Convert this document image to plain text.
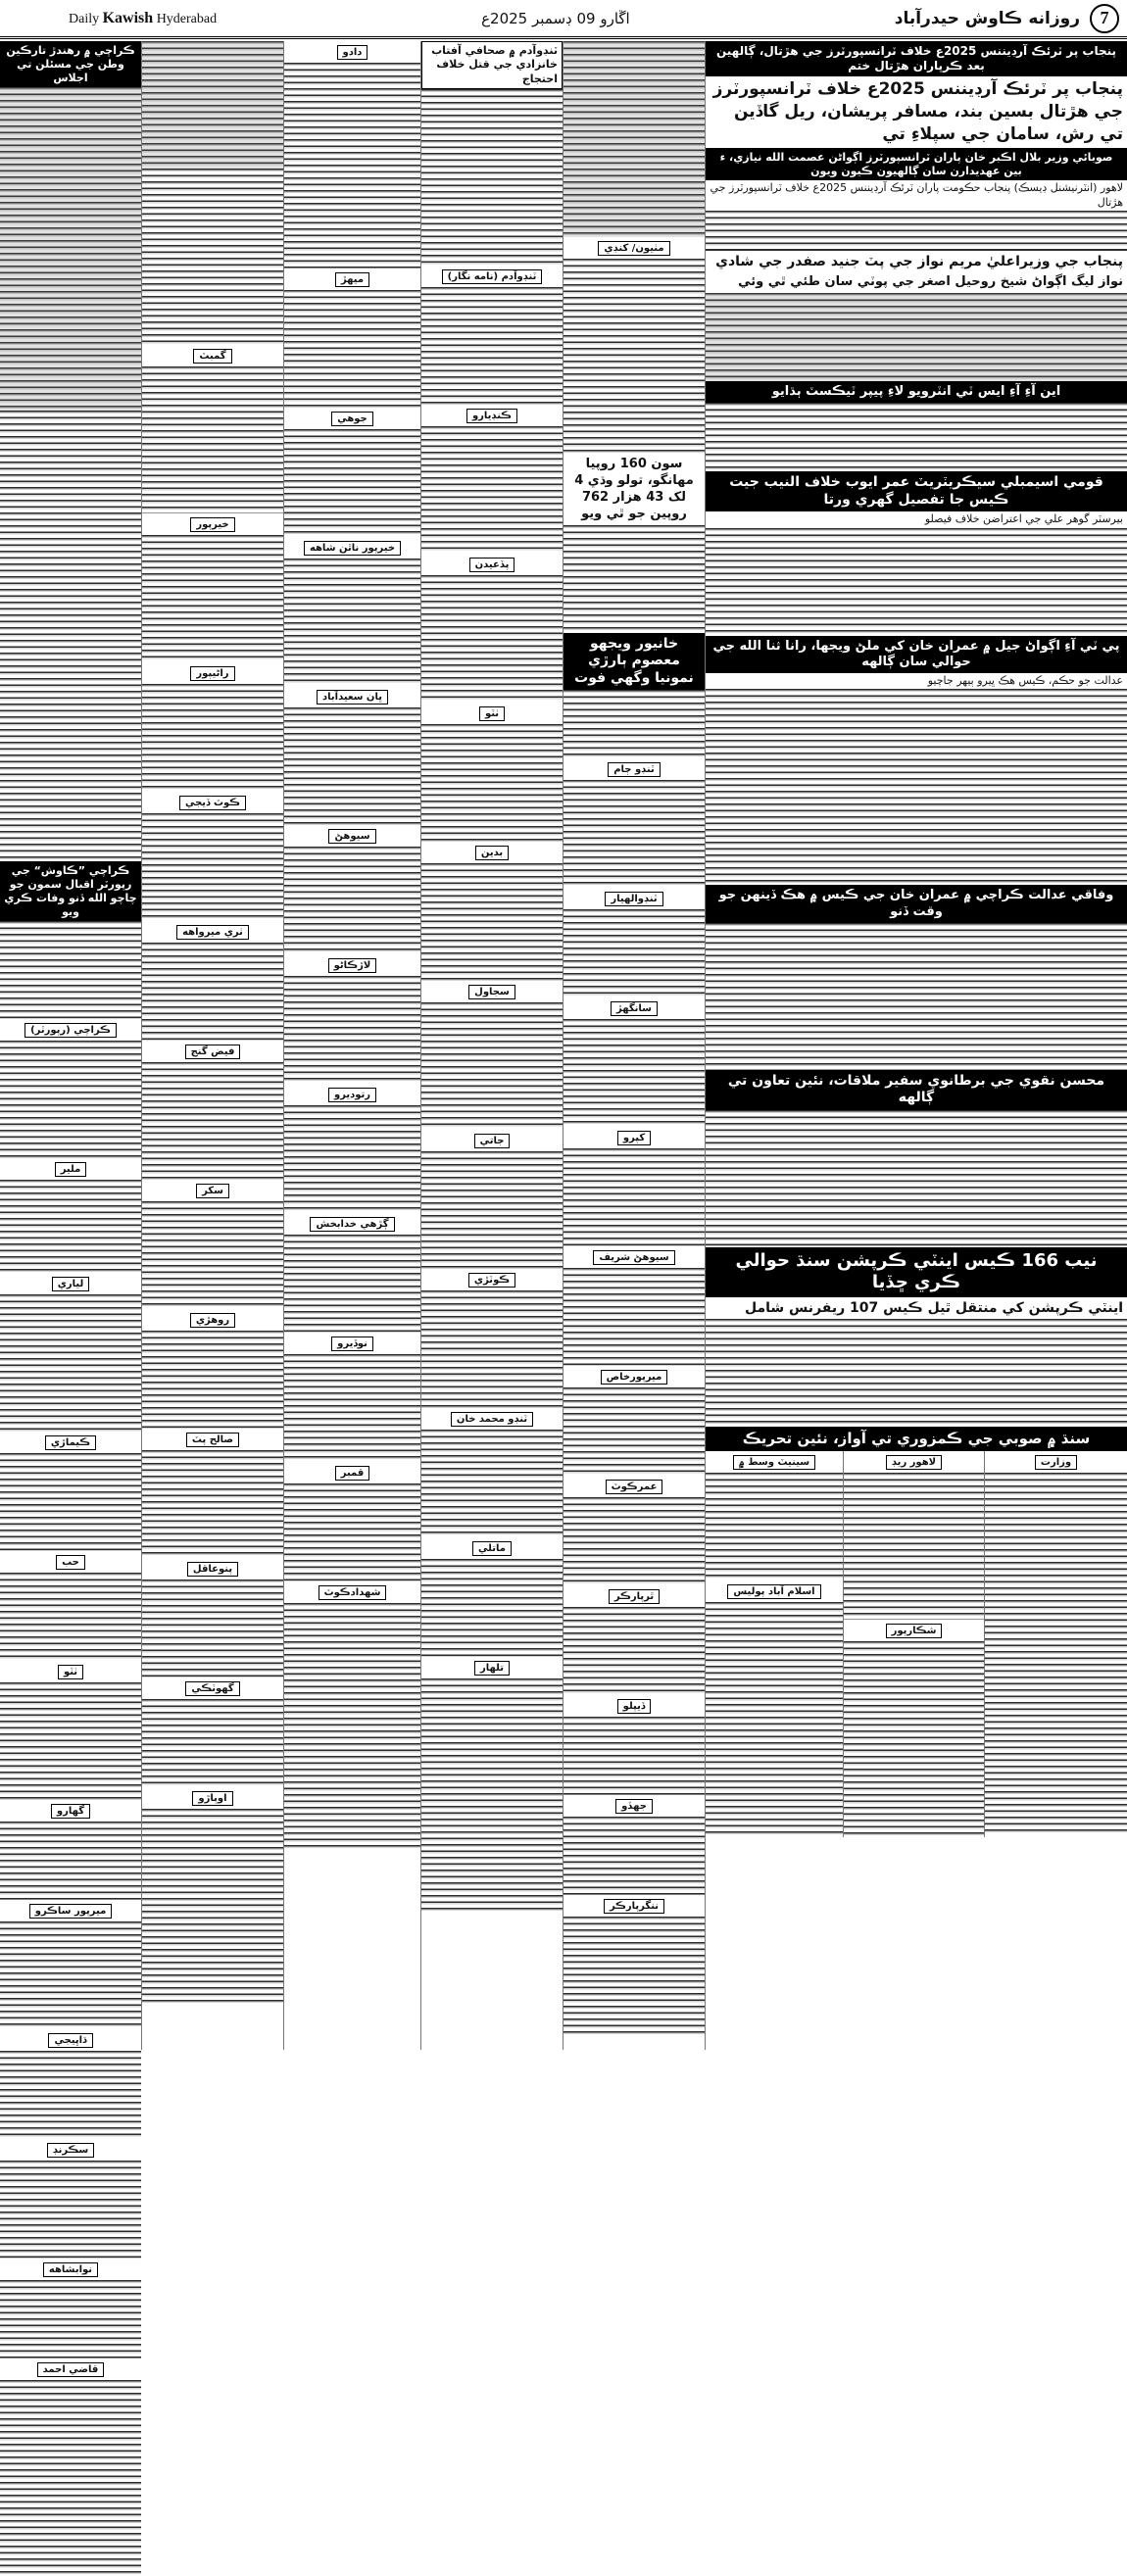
Daily Kawish Hyderabad	اڱارو 09 ڊسمبر 2025ع	7
روزانه ڪاوش حيدرآباد
ڪراچي ۾ رهندڙ تارڪين وطن جي مسئلن تي اجلاس
ڪراچي ”ڪاوش“ جي رپورٽر اقبال سمون جو چاچو الله ڏنو وفات ڪري ويو
ڪراچي (رپورٽر)
ملير
لياري
ڪيماڙي
حب
ٺٽو
گهارو
ميرپور ساڪرو
ڌاڀيجي
سڪرنڊ
نوابشاهه
قاضي احمد
گمبٽ
خيرپور
راڻيپور
ڪوٽ ڏيجي
ٺري ميرواهه
فيض گنج
سکر
روهڙي
صالح پٽ
پنوعاقل
گهوٽڪي
اوٻاڙو
دادو
ميهڙ
جوهي
خيرپور ناٿن شاهه
ڀان سعيدآباد
سيوهڻ
لاڙڪاڻو
رتوديرو
ڳڙهي خدابخش
نوڏيرو
قمبر
شهدادڪوٽ
ٽنڊوآدم ۾ صحافي آفتاب خانزادي جي قتل خلاف احتجاج
ٽنڊوآدم (نامه نگار)
ڪنڊيارو
پڏعيدن
ٺٽو
بدين
سجاول
جاتي
ڪوٽڙي
ٽنڊو محمد خان
ماتلي
تلهار
مٺيون/ کنڊي
سون 160 روپيا مهانگو، تولو وڌي 4 لک 43 هزار 762 روپين جو ٿي ويو
خانيور ويجهو معصوم ٻارڙي نمونيا وگهي فوت
ٽنڊو ڄام
ٽنڊوالهيار
سانگهڙ
کپرو
سيوهڻ شريف
ميرپورخاص
عمرڪوٽ
ٿرپارڪر
ڏيپلو
جهڏو
ننگرپارڪر
پنجاب پر ٽرئڪ آرڊيننس 2025ع خلاف ٽرانسپورٽرز جي هڙتال، ڳالهين بعد ڪرپاران هڙتال ختم
پنجاب پر ٽرئڪ آرڊيننس 2025ع خلاف ٽرانسپورٽرز جي هڙتال بسين بند، مسافر پريشان، ريل گاڏين تي رش، سامان جي سپلاءِ تي
صوبائي وزير بلال اڪبر خان پاران ٽرانسپورٽرز اڳواڻن عصمت الله نيازي، ء بين عهديدارن سان ڳالهيون ڪيون ويون
لاهور (انٽرنيشنل ڊيسڪ) پنجاب حڪومت پاران ٽرئڪ آرڊيننس 2025ع خلاف ٽرانسپورٽرز جي هڙتال
پنجاب جي وزيراعليٰ مريم نواز جي پٽ جنيد صفدر جي شادي
نواز ليگ اڳواڻ شيخ روحيل اصغر جي پوٽي سان طئي ٿي وئي
اين آءِ آءِ ايس ٽي انٽرويو لاءِ پيپر ٽيڪسٽ ٻڌايو
قومي اسيمبلي سيڪريٽريٽ عمر ايوب خلاف النيب جيت ڪيس جا تفصيل گهري ورتا
بيرسٽر گوهر علي جي اعتراضن خلاف فيصلو
پي ٽي آءِ اڳواڻ جيل ۾ عمران خان کي ملڻ ويجها، رانا ثنا الله جي حوالي سان ڳالهه
عدالت جو حڪم، ڪيس هڪ ڀيرو ٻيهر جاچيو
وفاقي عدالت ڪراچي ۾ عمران خان جي ڪيس ۾ هڪ ڏينهن جو وقت ڏنو
محسن نقوي جي برطانوي سفير ملاقات، نئين تعاون تي ڳالهه
نيب 166 ڪيس اينٽي ڪرپشن سنڌ حوالي ڪري ڇڏيا
اينٽي ڪرپشن کي منتقل ٿيل ڪيس 107 ريفرنس شامل
سنڌ ۾ صوبي جي ڪمزوري تي آواز، نئين تحريڪ
سينيٽ وسط ۾
اسلام آباد پوليس
لاهور ريڊ
شڪارپور
وزارت
